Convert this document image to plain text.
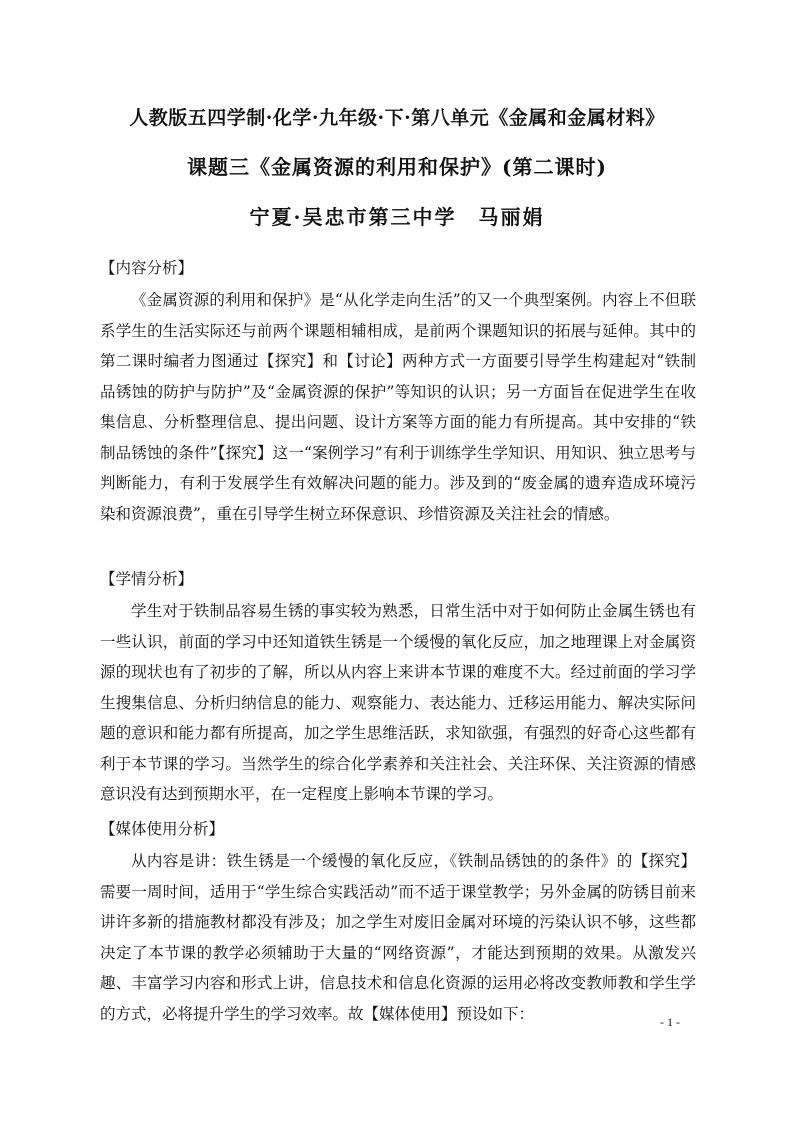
人教版五四学制·化学·九年级·下·第八单元《金属和金属材料》
课题三《金属资源的利用和保护》(第二课时)
宁夏·吴忠市第三中学　马丽娟
【内容分析】
《金属资源的利用和保护》是“从化学走向生活”的又一个典型案例。内容上不但联系学生的生活实际还与前两个课题相辅相成，是前两个课题知识的拓展与延伸。其中的第二课时编者力图通过【探究】和【讨论】两种方式一方面要引导学生构建起对“铁制品锈蚀的防护与防护”及“金属资源的保护”等知识的认识；另一方面旨在促进学生在收集信息、分析整理信息、提出问题、设计方案等方面的能力有所提高。其中安排的“铁制品锈蚀的条件”【探究】这一“案例学习”有利于训练学生学知识、用知识、独立思考与判断能力，有利于发展学生有效解决问题的能力。涉及到的“废金属的遗弃造成环境污染和资源浪费”，重在引导学生树立环保意识、珍惜资源及关注社会的情感。
【学情分析】
学生对于铁制品容易生锈的事实较为熟悉，日常生活中对于如何防止金属生锈也有一些认识，前面的学习中还知道铁生锈是一个缓慢的氧化反应，加之地理课上对金属资源的现状也有了初步的了解，所以从内容上来讲本节课的难度不大。经过前面的学习学生搜集信息、分析归纳信息的能力、观察能力、表达能力、迁移运用能力、解决实际问题的意识和能力都有所提高，加之学生思维活跃，求知欲强，有强烈的好奇心这些都有利于本节课的学习。当然学生的综合化学素养和关注社会、关注环保、关注资源的情感意识没有达到预期水平，在一定程度上影响本节课的学习。
【媒体使用分析】
从内容是讲：铁生锈是一个缓慢的氧化反应，《铁制品锈蚀的的条件》的【探究】需要一周时间，适用于“学生综合实践活动”而不适于课堂教学；另外金属的防锈目前来讲许多新的措施教材都没有涉及；加之学生对废旧金属对环境的污染认识不够，这些都决定了本节课的教学必须辅助于大量的“网络资源”，才能达到预期的效果。从激发兴趣、丰富学习内容和形式上讲，信息技术和信息化资源的运用必将改变教师教和学生学的方式，必将提升学生的学习效率。故【媒体使用】预设如下：	- 1 -
